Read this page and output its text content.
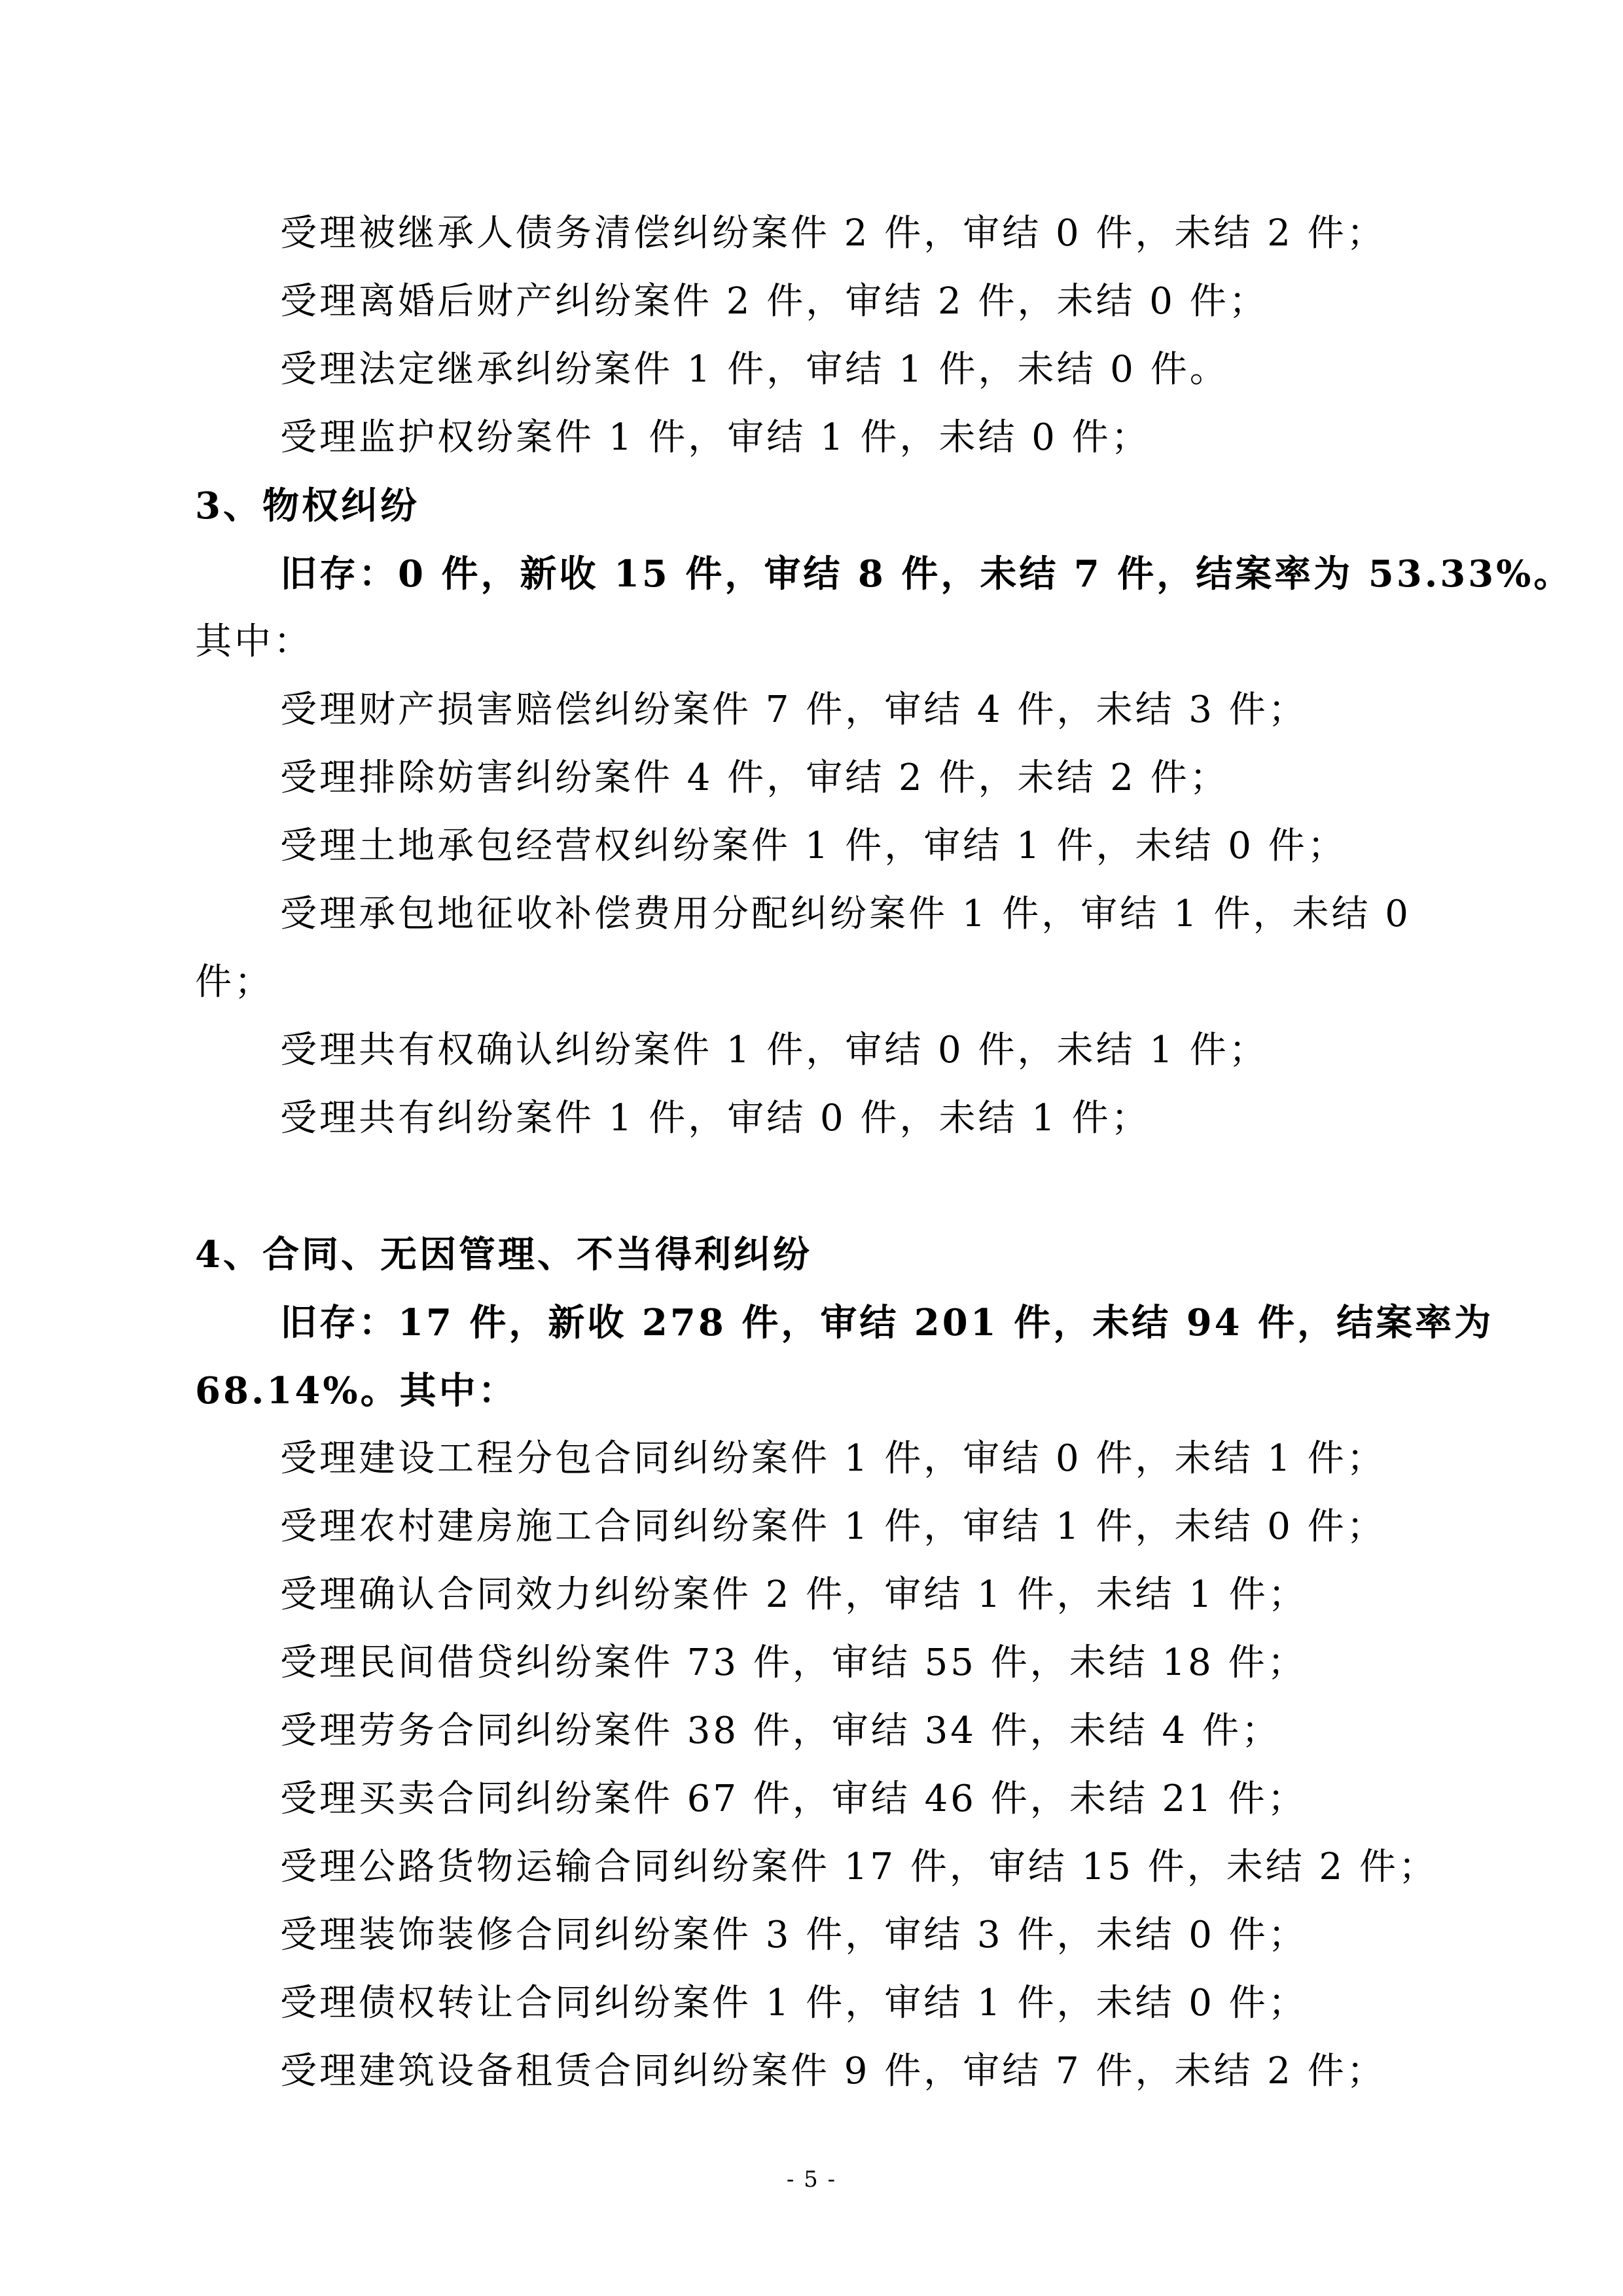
受理被继承人债务清偿纠纷案件 2 件，审结 0 件，未结 2 件；
受理离婚后财产纠纷案件 2 件，审结 2 件，未结 0 件；
受理法定继承纠纷案件 1 件，审结 1 件，未结 0 件。
受理监护权纷案件 1 件，审结 1 件，未结 0 件；
3、物权纠纷
旧存：0 件，新收 15 件，审结 8 件，未结 7 件，结案率为 53.33%。
其中：
受理财产损害赔偿纠纷案件 7 件，审结 4 件，未结 3 件；
受理排除妨害纠纷案件 4 件，审结 2 件，未结 2 件；
受理土地承包经营权纠纷案件 1 件，审结 1 件，未结 0 件；
受理承包地征收补偿费用分配纠纷案件 1 件，审结 1 件，未结 0
件；
受理共有权确认纠纷案件 1 件，审结 0 件，未结 1 件；
受理共有纠纷案件 1 件，审结 0 件，未结 1 件；
4、合同、无因管理、不当得利纠纷
旧存：17 件，新收 278 件，审结 201 件，未结 94 件，结案率为
68.14%。其中：
受理建设工程分包合同纠纷案件 1 件，审结 0 件，未结 1 件；
受理农村建房施工合同纠纷案件 1 件，审结 1 件，未结 0 件；
受理确认合同效力纠纷案件 2 件，审结 1 件，未结 1 件；
受理民间借贷纠纷案件 73 件，审结 55 件，未结 18 件；
受理劳务合同纠纷案件 38 件，审结 34 件，未结 4 件；
受理买卖合同纠纷案件 67 件，审结 46 件，未结 21 件；
受理公路货物运输合同纠纷案件 17 件，审结 15 件，未结 2 件；
受理装饰装修合同纠纷案件 3 件，审结 3 件，未结 0 件；
受理债权转让合同纠纷案件 1 件，审结 1 件，未结 0 件；
受理建筑设备租赁合同纠纷案件 9 件，审结 7 件，未结 2 件；
- 5 -
